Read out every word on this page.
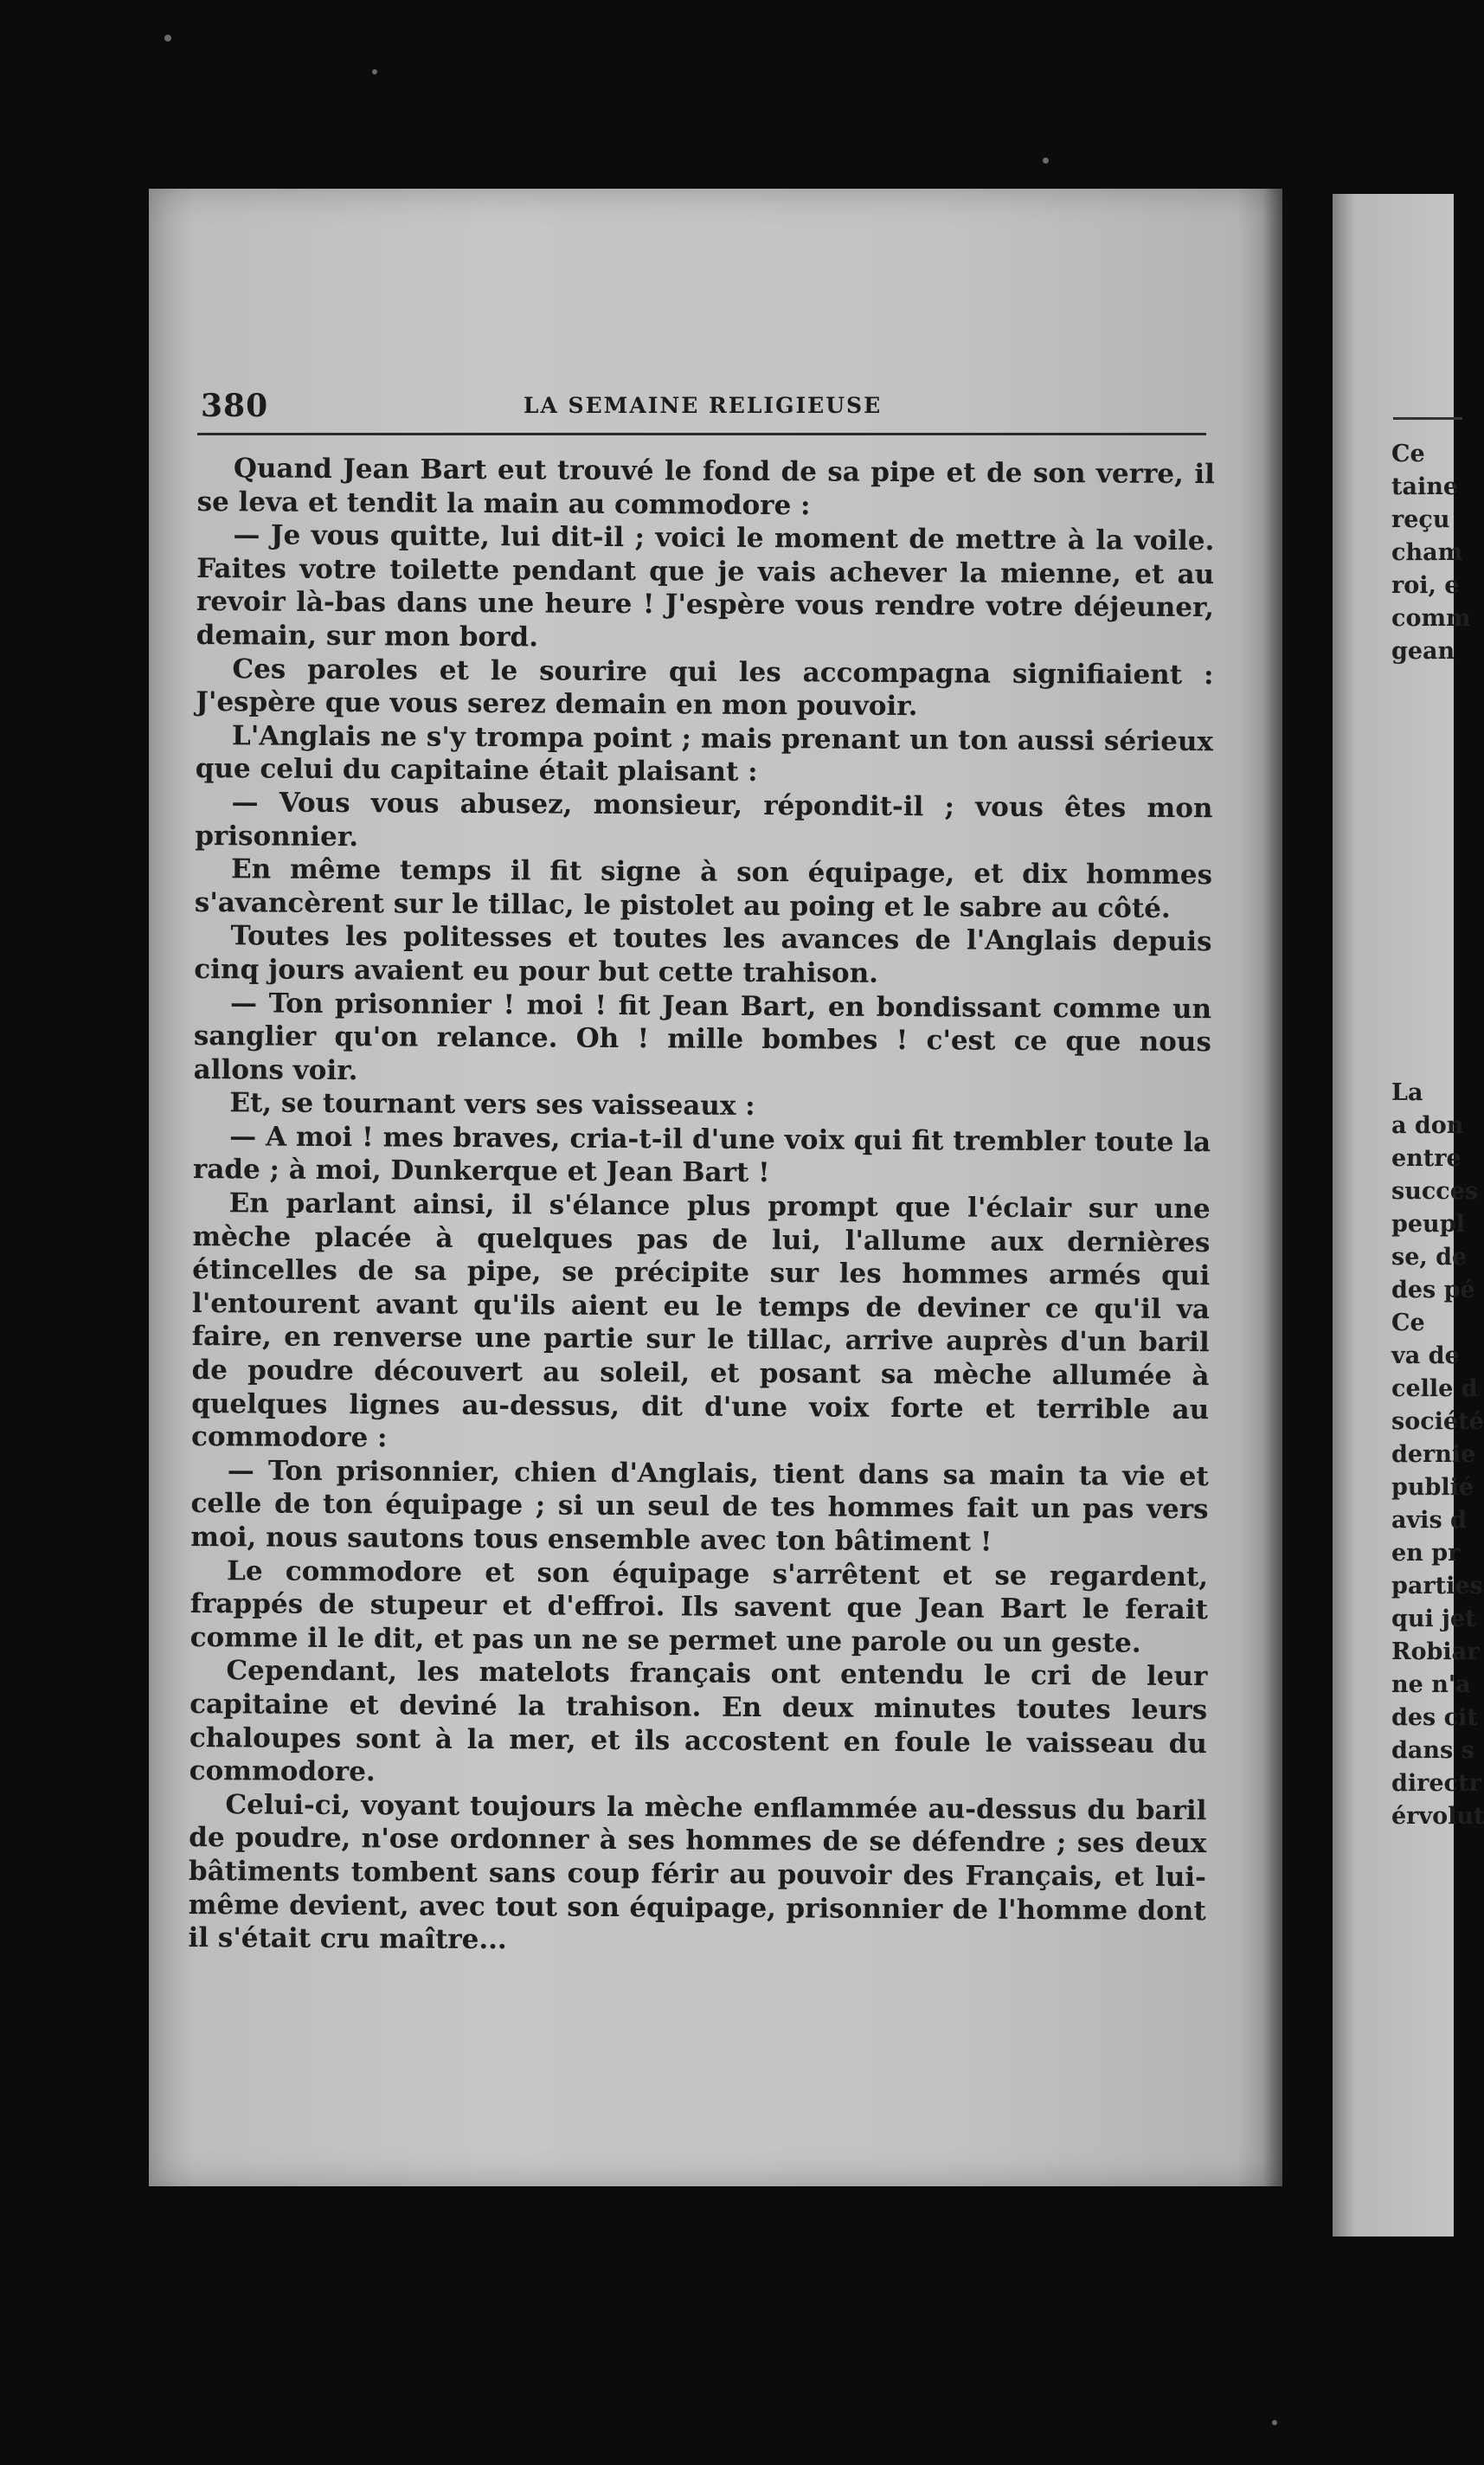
380	LA SEMAINE RELIGIEUSE

Quand Jean Bart eut trouvé le fond de sa pipe et de son verre, il se leva et tendit la main au commodore :

— Je vous quitte, lui dit-il ; voici le moment de mettre à la voile. Faites votre toilette pendant que je vais achever la mienne, et au revoir là-bas dans une heure ! J'espère vous rendre votre déjeuner, demain, sur mon bord.

Ces paroles et le sourire qui les accompagna signifiaient : J'espère que vous serez demain en mon pouvoir.

L'Anglais ne s'y trompa point ; mais prenant un ton aussi sérieux que celui du capitaine était plaisant :

— Vous vous abusez, monsieur, répondit-il ; vous êtes mon prisonnier.

En même temps il fit signe à son équipage, et dix hommes s'avancèrent sur le tillac, le pistolet au poing et le sabre au côté.

Toutes les politesses et toutes les avances de l'Anglais depuis cinq jours avaient eu pour but cette trahison.

— Ton prisonnier ! moi ! fit Jean Bart, en bondissant comme un sanglier qu'on relance. Oh ! mille bombes ! c'est ce que nous allons voir.

Et, se tournant vers ses vaisseaux :

— A moi ! mes braves, cria-t-il d'une voix qui fit trembler toute la rade ; à moi, Dunkerque et Jean Bart !

En parlant ainsi, il s'élance plus prompt que l'éclair sur une mèche placée à quelques pas de lui, l'allume aux dernières étincelles de sa pipe, se précipite sur les hommes armés qui l'entourent avant qu'ils aient eu le temps de deviner ce qu'il va faire, en renverse une partie sur le tillac, arrive auprès d'un baril de poudre découvert au soleil, et posant sa mèche allumée à quelques lignes au-dessus, dit d'une voix forte et terrible au commodore :

— Ton prisonnier, chien d'Anglais, tient dans sa main ta vie et celle de ton équipage ; si un seul de tes hommes fait un pas vers moi, nous sautons tous ensemble avec ton bâtiment !

Le commodore et son équipage s'arrêtent et se regardent, frappés de stupeur et d'effroi. Ils savent que Jean Bart le ferait comme il le dit, et pas un ne se permet une parole ou un geste.

Cependant, les matelots français ont entendu le cri de leur capitaine et deviné la trahison. En deux minutes toutes leurs chaloupes sont à la mer, et ils accostent en foule le vaisseau du commodore.

Celui-ci, voyant toujours la mèche enflammée au-dessus du baril de poudre, n'ose ordonner à ses hommes de se défendre ; ses deux bâtiments tombent sans coup férir au pouvoir des Français, et lui-même devient, avec tout son équipage, prisonnier de l'homme dont il s'était cru maître...

Ce
taine
reçu
cham
roi, e
comm
gean
La
a don
entre
succes
peupl
se, de
des pé
Ce
va de
celle d
société
dernie
publié
avis d
en pr
parties
qui jet
Robiar
ne n'a
des cit
dans s
directr
érvolut
